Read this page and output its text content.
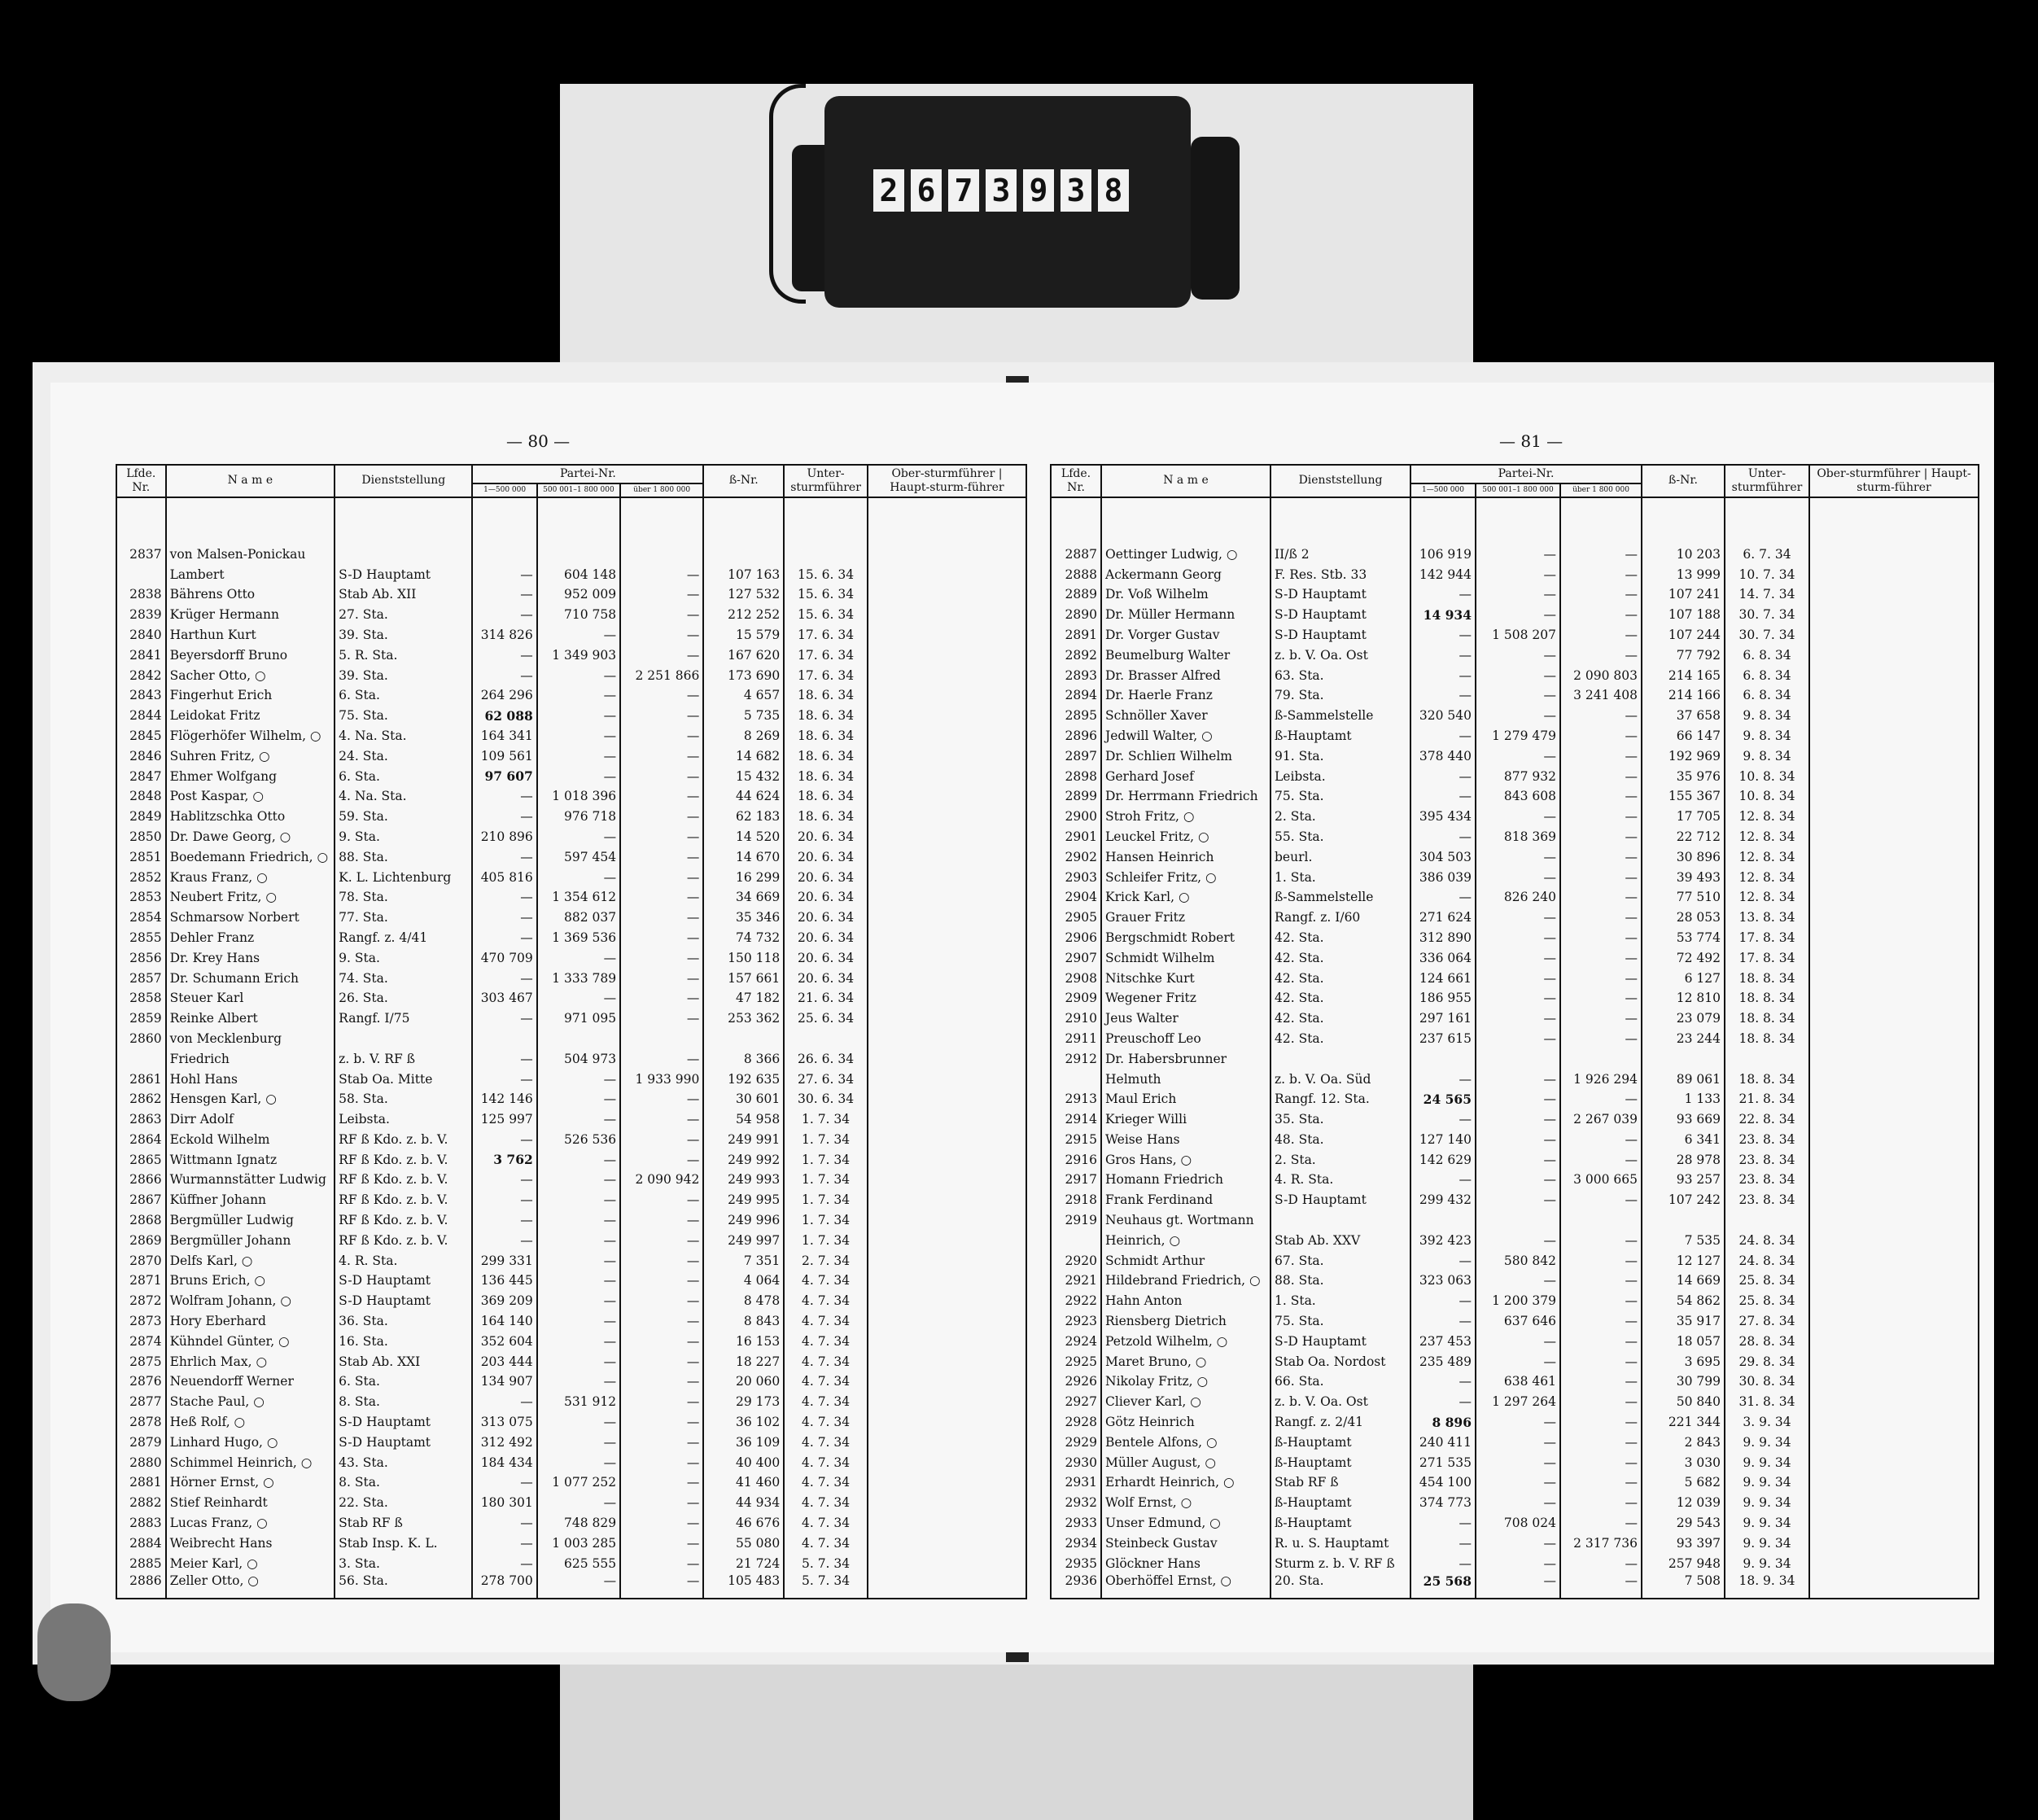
2 6 7 3 9 3 8
— 80 —
Lfde. Nr.	N a m e	Dienststellung	Partei-Nr.			ß-Nr.	Unter-sturmführer	Ober-sturmführer | Haupt-sturm-führer
			1—500 000	500 001–1 800 000	über 1 800 000			

2837	von Malsen-Ponickau							
	Lambert	S-D Hauptamt	—	604 148	—	107 163	15. 6. 34	
2838	Bährens Otto	Stab Ab. XII	—	952 009	—	127 532	15. 6. 34	
2839	Krüger Hermann	27. Sta.	—	710 758	—	212 252	15. 6. 34	
2840	Harthun Kurt	39. Sta.	314 826	—	—	15 579	17. 6. 34	
2841	Beyersdorff Bruno	5. R. Sta.	—	1 349 903	—	167 620	17. 6. 34	
2842	Sacher Otto, ○	39. Sta.	—	—	2 251 866	173 690	17. 6. 34	
2843	Fingerhut Erich	6. Sta.	264 296	—	—	4 657	18. 6. 34	
2844	Leidokat Fritz	75. Sta.	62 088	—	—	5 735	18. 6. 34	
2845	Flögerhöfer Wilhelm, ○	4. Na. Sta.	164 341	—	—	8 269	18. 6. 34	
2846	Suhren Fritz, ○	24. Sta.	109 561	—	—	14 682	18. 6. 34	
2847	Ehmer Wolfgang	6. Sta.	97 607	—	—	15 432	18. 6. 34	
2848	Post Kaspar, ○	4. Na. Sta.	—	1 018 396	—	44 624	18. 6. 34	
2849	Hablitzschka Otto	59. Sta.	—	976 718	—	62 183	18. 6. 34	
2850	Dr. Dawe Georg, ○	9. Sta.	210 896	—	—	14 520	20. 6. 34	
2851	Boedemann Friedrich, ○	88. Sta.	—	597 454	—	14 670	20. 6. 34	
2852	Kraus Franz, ○	K. L. Lichtenburg	405 816	—	—	16 299	20. 6. 34	
2853	Neubert Fritz, ○	78. Sta.	—	1 354 612	—	34 669	20. 6. 34	
2854	Schmarsow Norbert	77. Sta.	—	882 037	—	35 346	20. 6. 34	
2855	Dehler Franz	Rangf. z. 4/41	—	1 369 536	—	74 732	20. 6. 34	
2856	Dr. Krey Hans	9. Sta.	470 709	—	—	150 118	20. 6. 34	
2857	Dr. Schumann Erich	74. Sta.	—	1 333 789	—	157 661	20. 6. 34	
2858	Steuer Karl	26. Sta.	303 467	—	—	47 182	21. 6. 34	
2859	Reinke Albert	Rangf. I/75	—	971 095	—	253 362	25. 6. 34	
2860	von Mecklenburg							
	Friedrich	z. b. V. RF ß	—	504 973	—	8 366	26. 6. 34	
2861	Hohl Hans	Stab Oa. Mitte	—	—	1 933 990	192 635	27. 6. 34	
2862	Hensgen Karl, ○	58. Sta.	142 146	—	—	30 601	30. 6. 34	
2863	Dirr Adolf	Leibsta.	125 997	—	—	54 958	1. 7. 34	
2864	Eckold Wilhelm	RF ß Kdo. z. b. V.	—	526 536	—	249 991	1. 7. 34	
2865	Wittmann Ignatz	RF ß Kdo. z. b. V.	3 762	—	—	249 992	1. 7. 34	
2866	Wurmannstätter Ludwig	RF ß Kdo. z. b. V.	—	—	2 090 942	249 993	1. 7. 34	
2867	Küffner Johann	RF ß Kdo. z. b. V.	—	—	—	249 995	1. 7. 34	
2868	Bergmüller Ludwig	RF ß Kdo. z. b. V.	—	—	—	249 996	1. 7. 34	
2869	Bergmüller Johann	RF ß Kdo. z. b. V.	—	—	—	249 997	1. 7. 34	
2870	Delfs Karl, ○	4. R. Sta.	299 331	—	—	7 351	2. 7. 34	
2871	Bruns Erich, ○	S-D Hauptamt	136 445	—	—	4 064	4. 7. 34	
2872	Wolfram Johann, ○	S-D Hauptamt	369 209	—	—	8 478	4. 7. 34	
2873	Hory Eberhard	36. Sta.	164 140	—	—	8 843	4. 7. 34	
2874	Kühndel Günter, ○	16. Sta.	352 604	—	—	16 153	4. 7. 34	
2875	Ehrlich Max, ○	Stab Ab. XXI	203 444	—	—	18 227	4. 7. 34	
2876	Neuendorff Werner	6. Sta.	134 907	—	—	20 060	4. 7. 34	
2877	Stache Paul, ○	8. Sta.	—	531 912	—	29 173	4. 7. 34	
2878	Heß Rolf, ○	S-D Hauptamt	313 075	—	—	36 102	4. 7. 34	
2879	Linhard Hugo, ○	S-D Hauptamt	312 492	—	—	36 109	4. 7. 34	
2880	Schimmel Heinrich, ○	43. Sta.	184 434	—	—	40 400	4. 7. 34	
2881	Hörner Ernst, ○	8. Sta.	—	1 077 252	—	41 460	4. 7. 34	
2882	Stief Reinhardt	22. Sta.	180 301	—	—	44 934	4. 7. 34	
2883	Lucas Franz, ○	Stab RF ß	—	748 829	—	46 676	4. 7. 34	
2884	Weibrecht Hans	Stab Insp. K. L.	—	1 003 285	—	55 080	4. 7. 34	
2885	Meier Karl, ○	3. Sta.	—	625 555	—	21 724	5. 7. 34	
2886	Zeller Otto, ○	56. Sta.	278 700	—	—	105 483	5. 7. 34	
— 81 —
Lfde. Nr.	N a m e	Dienststellung	Partei-Nr.			ß-Nr.	Unter-sturmführer	Ober-sturmführer | Haupt-sturm-führer
			1—500 000	500 001–1 800 000	über 1 800 000			

2887	Oettinger Ludwig, ○	II/ß 2	106 919	—	—	10 203	6. 7. 34	
2888	Ackermann Georg	F. Res. Stb. 33	142 944	—	—	13 999	10. 7. 34	
2889	Dr. Voß Wilhelm	S-D Hauptamt	—	—	—	107 241	14. 7. 34	
2890	Dr. Müller Hermann	S-D Hauptamt	14 934	—	—	107 188	30. 7. 34	
2891	Dr. Vorger Gustav	S-D Hauptamt	—	1 508 207	—	107 244	30. 7. 34	
2892	Beumelburg Walter	z. b. V. Oa. Ost	—	—	—	77 792	6. 8. 34	
2893	Dr. Brasser Alfred	63. Sta.	—	—	2 090 803	214 165	6. 8. 34	
2894	Dr. Haerle Franz	79. Sta.	—	—	3 241 408	214 166	6. 8. 34	
2895	Schnöller Xaver	ß-Sammelstelle	320 540	—	—	37 658	9. 8. 34	
2896	Jedwill Walter, ○	ß-Hauptamt	—	1 279 479	—	66 147	9. 8. 34	
2897	Dr. Schlieп Wilhelm	91. Sta.	378 440	—	—	192 969	9. 8. 34	
2898	Gerhard Josef	Leibsta.	—	877 932	—	35 976	10. 8. 34	
2899	Dr. Herrmann Friedrich	75. Sta.	—	843 608	—	155 367	10. 8. 34	
2900	Stroh Fritz, ○	2. Sta.	395 434	—	—	17 705	12. 8. 34	
2901	Leuckel Fritz, ○	55. Sta.	—	818 369	—	22 712	12. 8. 34	
2902	Hansen Heinrich	beurl.	304 503	—	—	30 896	12. 8. 34	
2903	Schleifer Fritz, ○	1. Sta.	386 039	—	—	39 493	12. 8. 34	
2904	Krick Karl, ○	ß-Sammelstelle	—	826 240	—	77 510	12. 8. 34	
2905	Grauer Fritz	Rangf. z. I/60	271 624	—	—	28 053	13. 8. 34	
2906	Bergschmidt Robert	42. Sta.	312 890	—	—	53 774	17. 8. 34	
2907	Schmidt Wilhelm	42. Sta.	336 064	—	—	72 492	17. 8. 34	
2908	Nitschke Kurt	42. Sta.	124 661	—	—	6 127	18. 8. 34	
2909	Wegener Fritz	42. Sta.	186 955	—	—	12 810	18. 8. 34	
2910	Jeus Walter	42. Sta.	297 161	—	—	23 079	18. 8. 34	
2911	Preuschoff Leo	42. Sta.	237 615	—	—	23 244	18. 8. 34	
2912	Dr. Habersbrunner							
	Helmuth	z. b. V. Oa. Süd	—	—	1 926 294	89 061	18. 8. 34	
2913	Maul Erich	Rangf. 12. Sta.	24 565	—	—	1 133	21. 8. 34	
2914	Krieger Willi	35. Sta.	—	—	2 267 039	93 669	22. 8. 34	
2915	Weise Hans	48. Sta.	127 140	—	—	6 341	23. 8. 34	
2916	Gros Hans, ○	2. Sta.	142 629	—	—	28 978	23. 8. 34	
2917	Homann Friedrich	4. R. Sta.	—	—	3 000 665	93 257	23. 8. 34	
2918	Frank Ferdinand	S-D Hauptamt	299 432	—	—	107 242	23. 8. 34	
2919	Neuhaus gt. Wortmann							
	Heinrich, ○	Stab Ab. XXV	392 423	—	—	7 535	24. 8. 34	
2920	Schmidt Arthur	67. Sta.	—	580 842	—	12 127	24. 8. 34	
2921	Hildebrand Friedrich, ○	88. Sta.	323 063	—	—	14 669	25. 8. 34	
2922	Hahn Anton	1. Sta.	—	1 200 379	—	54 862	25. 8. 34	
2923	Riensberg Dietrich	75. Sta.	—	637 646	—	35 917	27. 8. 34	
2924	Petzold Wilhelm, ○	S-D Hauptamt	237 453	—	—	18 057	28. 8. 34	
2925	Maret Bruno, ○	Stab Oa. Nordost	235 489	—	—	3 695	29. 8. 34	
2926	Nikolay Fritz, ○	66. Sta.	—	638 461	—	30 799	30. 8. 34	
2927	Cliever Karl, ○	z. b. V. Oa. Ost	—	1 297 264	—	50 840	31. 8. 34	
2928	Götz Heinrich	Rangf. z. 2/41	8 896	—	—	221 344	3. 9. 34	
2929	Bentele Alfons, ○	ß-Hauptamt	240 411	—	—	2 843	9. 9. 34	
2930	Müller August, ○	ß-Hauptamt	271 535	—	—	3 030	9. 9. 34	
2931	Erhardt Heinrich, ○	Stab RF ß	454 100	—	—	5 682	9. 9. 34	
2932	Wolf Ernst, ○	ß-Hauptamt	374 773	—	—	12 039	9. 9. 34	
2933	Unser Edmund, ○	ß-Hauptamt	—	708 024	—	29 543	9. 9. 34	
2934	Steinbeck Gustav	R. u. S. Hauptamt	—	—	2 317 736	93 397	9. 9. 34	
2935	Glöckner Hans	Sturm z. b. V. RF ß	—	—	—	257 948	9. 9. 34	
2936	Oberhöffel Ernst, ○	20. Sta.	25 568	—	—	7 508	18. 9. 34	
